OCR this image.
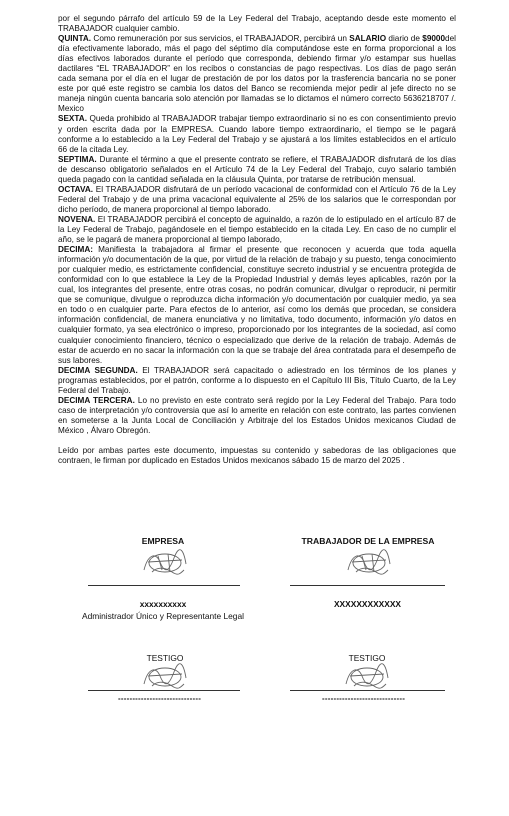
por el segundo párrafo del artículo 59 de la Ley Federal del Trabajo, aceptando desde este momento el TRABAJADOR cualquier cambio.

QUINTA. Como remuneración por sus servicios, el TRABAJADOR, percibirá un SALARIO diario de $9000del día efectivamente laborado, más el pago del séptimo día computándose este en forma proporcional a los días efectivos laborados durante el período que corresponda, debiendo firmar y/o estampar sus huellas dactilares “EL TRABAJADOR” en los recibos o constancias de pago respectivas. Los días de pago serán cada semana por el día en el lugar de prestación de por los datos por la trasferencia bancaria no se poner este por qué este registro se cambia los datos del Banco se recomienda mejor pedir al jefe directo no se maneja ningún cuenta bancaria solo atención por llamadas se lo dictamos el número correcto 5636218707 /. Mexico

SEXTA. Queda prohibido al TRABAJADOR trabajar tiempo extraordinario si no es con consentimiento previo y orden escrita dada por la EMPRESA. Cuando labore tiempo extraordinario, el tiempo se le pagará conforme a lo establecido a la Ley Federal del Trabajo y se ajustará a los límites establecidos en el artículo 66 de la citada Ley.

SEPTIMA. Durante el término a que el presente contrato se refiere, el TRABAJADOR disfrutará de los días de descanso obligatorio señalados en el Artículo 74 de la Ley Federal del Trabajo, cuyo salario también queda pagado con la cantidad señalada en la cláusula Quinta, por tratarse de retribución mensual.

OCTAVA. El TRABAJADOR disfrutará de un período vacacional de conformidad con el Artículo 76 de la Ley Federal del Trabajo y de una prima vacacional equivalente al 25% de los salarios que le correspondan por dicho período, de manera proporcional al tiempo laborado.

NOVENA. El TRABAJADOR percibirá el concepto de aguinaldo, a razón de lo estipulado en el artículo 87 de la Ley Federal de Trabajo, pagándosele en el tiempo establecido en la citada Ley. En caso de no cumplir el año, se le pagará de manera proporcional al tiempo laborado,

DECIMA: Manifiesta la trabajadora al firmar el presente que reconocen y acuerda que toda aquella información y/o documentación de la que, por virtud de la relación de trabajo y su puesto, tenga conocimiento por cualquier medio, es estrictamente confidencial, constituye secreto industrial y se encuentra protegida de conformidad con lo que establece la Ley de la Propiedad Industrial y demás leyes aplicables, razón por la cual, los integrantes del presente, entre otras cosas, no podrán comunicar, divulgar o reproducir, ni permitir que se comunique, divulgue o reproduzca dicha información y/o documentación por cualquier medio, ya sea en todo o en cualquier parte. Para efectos de lo anterior, así como los demás que procedan, se considera información confidencial, de manera enunciativa y no limitativa, todo documento, información y/o datos en cualquier formato, ya sea electrónico o impreso, proporcionado por los integrantes de la sociedad, así como cualquier conocimiento financiero, técnico o especializado que derive de la relación de trabajo. Además de estar de acuerdo en no sacar la información con la que se trabaje del área contratada para el desempeño de sus labores.

DECIMA SEGUNDA. El TRABAJADOR será capacitado o adiestrado en los términos de los planes y programas establecidos, por el patrón, conforme a lo dispuesto en el Capítulo III Bis, Título Cuarto, de la Ley Federal del Trabajo.

DECIMA TERCERA. Lo no previsto en este contrato será regido por la Ley Federal del Trabajo. Para todo caso de interpretación y/o controversia que así lo amerite en relación con este contrato, las partes convienen en someterse a la Junta Local de Conciliación y Arbitraje del los Estados Unidos mexicanos Ciudad de México , Álvaro Obregón.

Leído por ambas partes este documento, impuestas su contenido y sabedoras de las obligaciones que contraen, le firman por duplicado en Estados Unidos mexicanos sábado 15 de marzo del 2025 .

EMPRESA
xxxxxxxxxx
Administrador Único y Representante Legal
TRABAJADOR DE LA EMPRESA
XXXXXXXXXXXX
TESTIGO
-----------------------------
TESTIGO
-----------------------------
